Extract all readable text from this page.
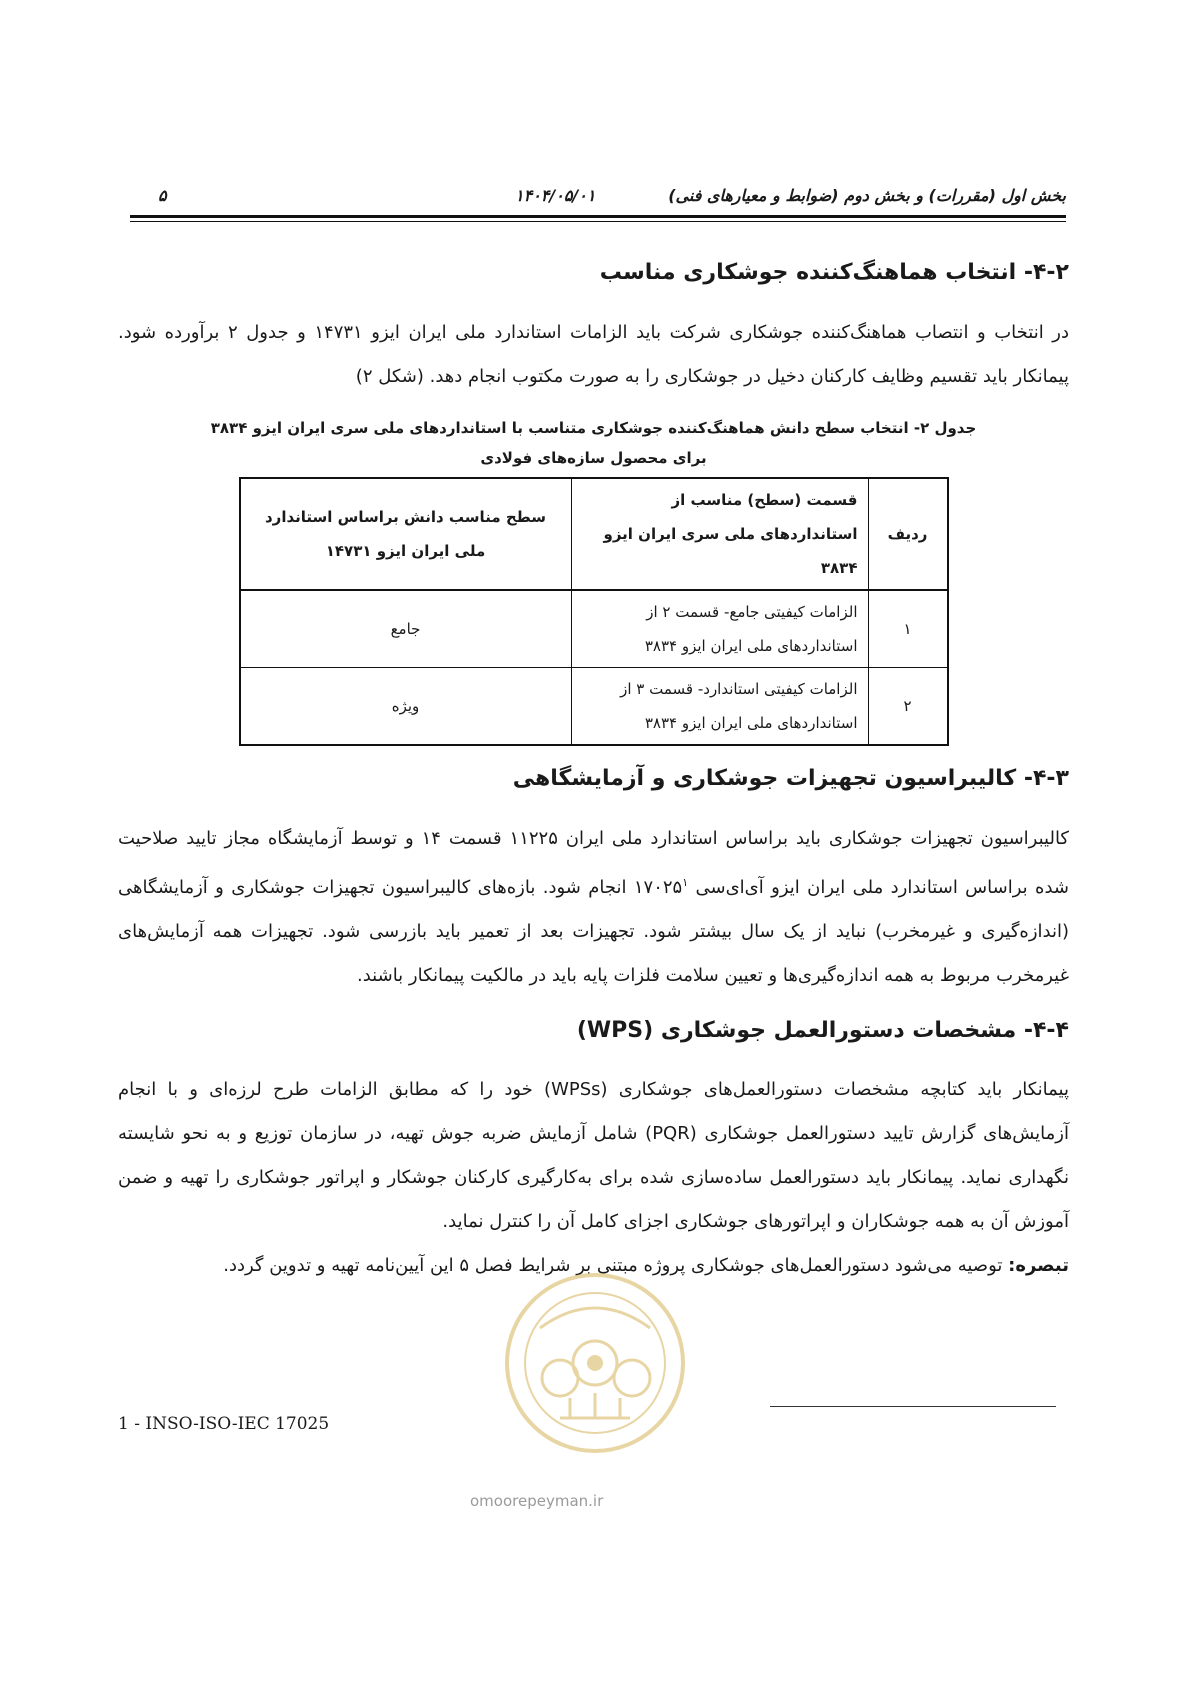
بخش اول (مقررات) و بخش دوم (ضوابط و معیارهای فنی)
۱۴۰۴/۰۵/۰۱
۵
۴-۲- انتخاب هماهنگ‌کننده جوشکاری مناسب

در انتخاب و انتصاب هماهنگ‌کننده جوشکاری شرکت باید الزامات استاندارد ملی ایران ایزو ۱۴۷۳۱ و جدول ۲ برآورده شود. پیمانکار باید تقسیم وظایف کارکنان دخیل در جوشکاری را به صورت مکتوب انجام دهد. (شکل ۲)

جدول ۲- انتخاب سطح دانش هماهنگ‌کننده جوشکاری متناسب با استانداردهای ملی سری ایران ایزو ۳۸۳۴
برای محصول سازه‌های فولادی
ردیف	قسمت (سطح) مناسب از استانداردهای ملی سری ایران ایزو ۳۸۳۴	سطح مناسب دانش براساس استاندارد ملی ایران ایزو ۱۴۷۳۱
۱	الزامات کیفیتی جامع- قسمت ۲ از استانداردهای ملی ایران ایزو ۳۸۳۴	جامع
۲	الزامات کیفیتی استاندارد- قسمت ۳ از استانداردهای ملی ایران ایزو ۳۸۳۴	ویژه
۴-۳- کالیبراسیون تجهیزات جوشکاری و آزمایشگاهی

کالیبراسیون تجهیزات جوشکاری باید براساس استاندارد ملی ایران ۱۱۲۲۵ قسمت ۱۴ و توسط آزمایشگاه مجاز تایید صلاحیت شده براساس استاندارد ملی ایران ایزو آی‌ای‌سی ۱۷۰۲۵$^۱$ انجام شود. بازه‌های کالیبراسیون تجهیزات جوشکاری و آزمایشگاهی (اندازه‌گیری و غیرمخرب) نباید از یک سال بیشتر شود. تجهیزات بعد از تعمیر باید بازرسی شود. تجهیزات همه آزمایش‌های غیرمخرب مربوط به همه اندازه‌گیری‌ها و تعیین سلامت فلزات پایه باید در مالکیت پیمانکار باشند.

۴-۴- مشخصات دستورالعمل جوشکاری (WPS)

پیمانکار باید کتابچه مشخصات دستورالعمل‌های جوشکاری (WPSs) خود را که مطابق الزامات طرح لرزه‌ای و با انجام آزمایش‌های گزارش تایید دستورالعمل جوشکاری (PQR) شامل آزمایش ضربه جوش تهیه، در سازمان توزیع و به نحو شایسته نگهداری نماید. پیمانکار باید دستورالعمل ساده‌سازی شده برای به‌کارگیری کارکنان جوشکار و اپراتور جوشکاری را تهیه و ضمن آموزش آن به همه جوشکاران و اپراتورهای جوشکاری اجزای کامل آن را کنترل نماید.

تبصره: توصیه می‌شود دستورالعمل‌های جوشکاری پروژه مبتنی بر شرایط فصل ۵ این آیین‌نامه تهیه و تدوین گردد.

1 - INSO-ISO-IEC 17025
omoorepeyman.ir
